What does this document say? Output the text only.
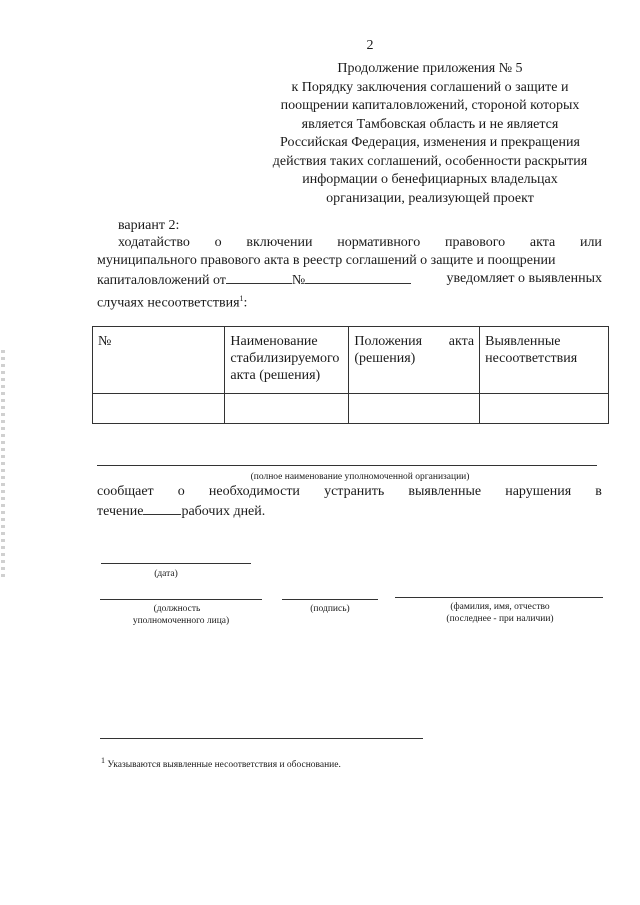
2
Продолжение приложения № 5
к Порядку заключения соглашений о защите и
поощрении капиталовложений, стороной которых
является Тамбовская область и не является
Российская Федерация, изменения и прекращения
действия таких соглашений, особенности раскрытия
информации о бенефициарных владельцах
организации, реализующей проект
вариант 2:
ходатайство о включении нормативного правового акта или
муниципального правового акта в реестр соглашений о защите и поощрении
капиталовложений от	№	уведомляет о выявленных
случаях несоответствия$^1$:
№	Наименование стабилизируемого акта (решения)	Положения акта (решения)	Выявленные несоответствия

(полное наименование уполномоченной организации)
сообщает о необходимости устранить выявленные нарушения в
течение	рабочих дней.
(дата)
(должность
уполномоченного лица)
(подпись)	(фамилия, имя, отчество
(последнее - при наличии)
$^1$ Указываются выявленные несоответствия и обоснование.
